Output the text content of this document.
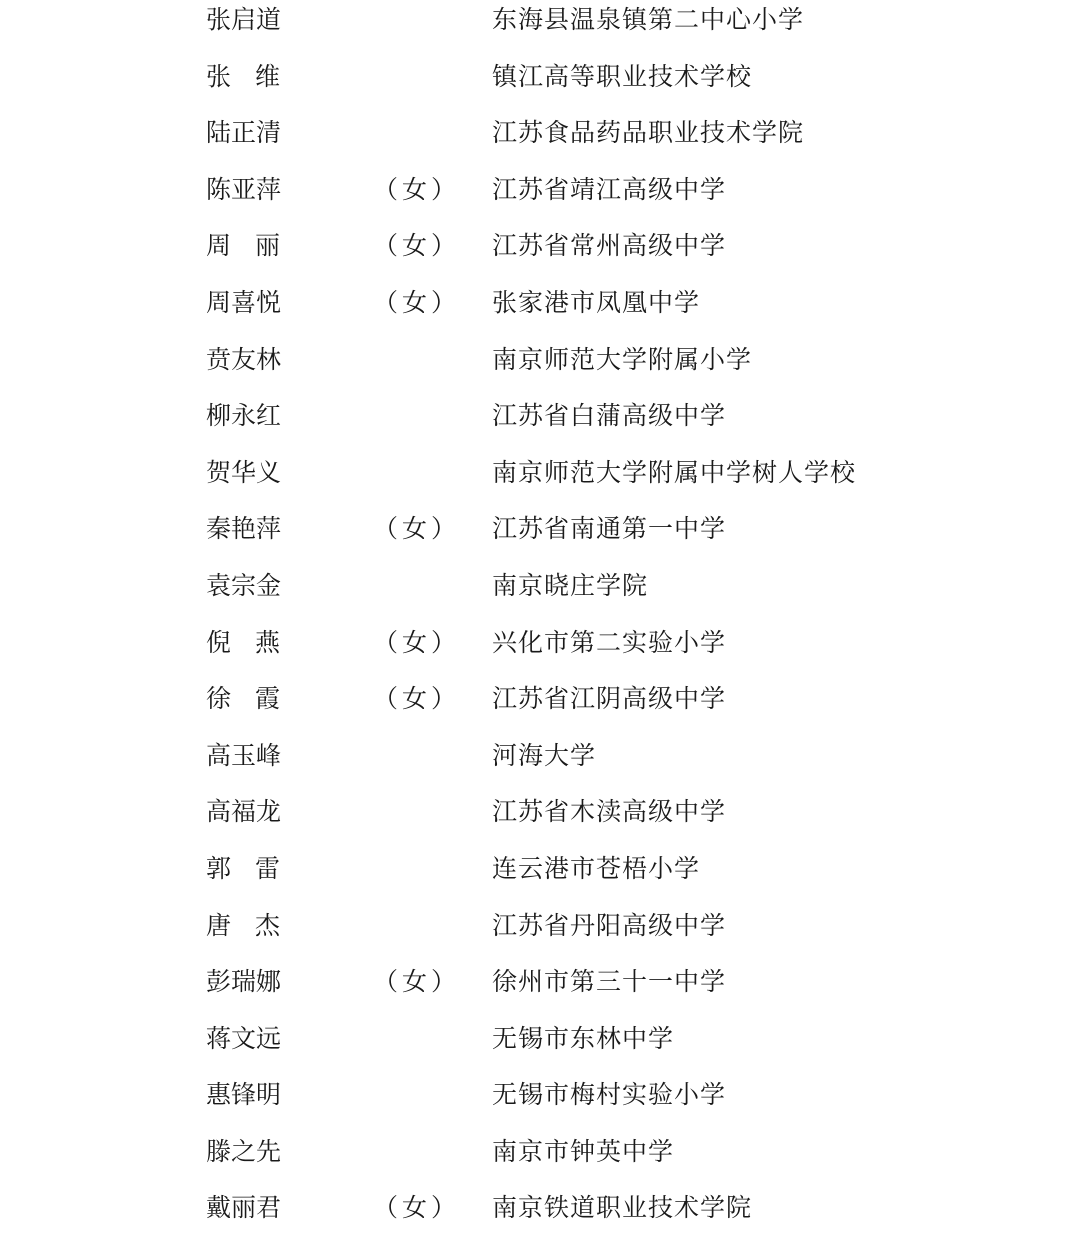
张启道	东海县温泉镇第二中心小学
张 维	镇江高等职业技术学校
陆正清	江苏食品药品职业技术学院
陈亚萍	（女） 江苏省靖江高级中学
周 丽	（女） 江苏省常州高级中学
周喜悦	（女） 张家港市凤凰中学
贲友林	南京师范大学附属小学
柳永红	江苏省白蒲高级中学
贺华义	南京师范大学附属中学树人学校
秦艳萍	（女） 江苏省南通第一中学
袁宗金	南京晓庄学院
倪 燕	（女） 兴化市第二实验小学
徐 霞	（女） 江苏省江阴高级中学
高玉峰	河海大学
高福龙	江苏省木渎高级中学
郭 雷	连云港市苍梧小学
唐 杰	江苏省丹阳高级中学
彭瑞娜	（女） 徐州市第三十一中学
蒋文远	无锡市东林中学
惠锋明	无锡市梅村实验小学
滕之先	南京市钟英中学
戴丽君	（女） 南京铁道职业技术学院
